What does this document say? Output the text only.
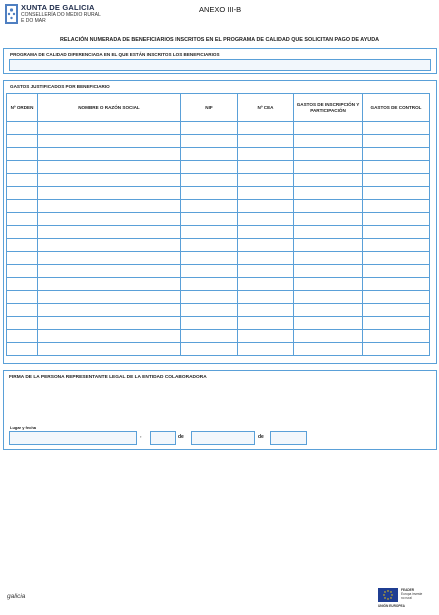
XUNTA DE GALICIA
CONSELLERÍA DO MEDIO RURAL
E DO MAR
ANEXO III-B
RELACIÓN NUMERADA DE BENEFICIARIOS INSCRITOS EN EL PROGRAMA DE CALIDAD QUE SOLICITAN PAGO DE AYUDA
PROGRAMA DE CALIDAD DIFERENCIADA EN EL QUE ESTÁN INSCRITOS LOS BENEFICIARIOS
GASTOS JUSTIFICADOS POR BENEFICIARIO
Nº ORDEN	NOMBRE O RAZÓN SOCIAL	NIF	Nº CEA	GASTOS DE INSCRIPCIÓN Y PARTICIPACIÓN	GASTOS DE CONTROL

FIRMA DE LA PERSONA REPRESENTANTE LEGAL DE LA ENTIDAD COLABORADORA
Lugar y fecha
,	de	de
galicia
FEADER
Europa investe
no rural
UNIÓN EUROPEA
